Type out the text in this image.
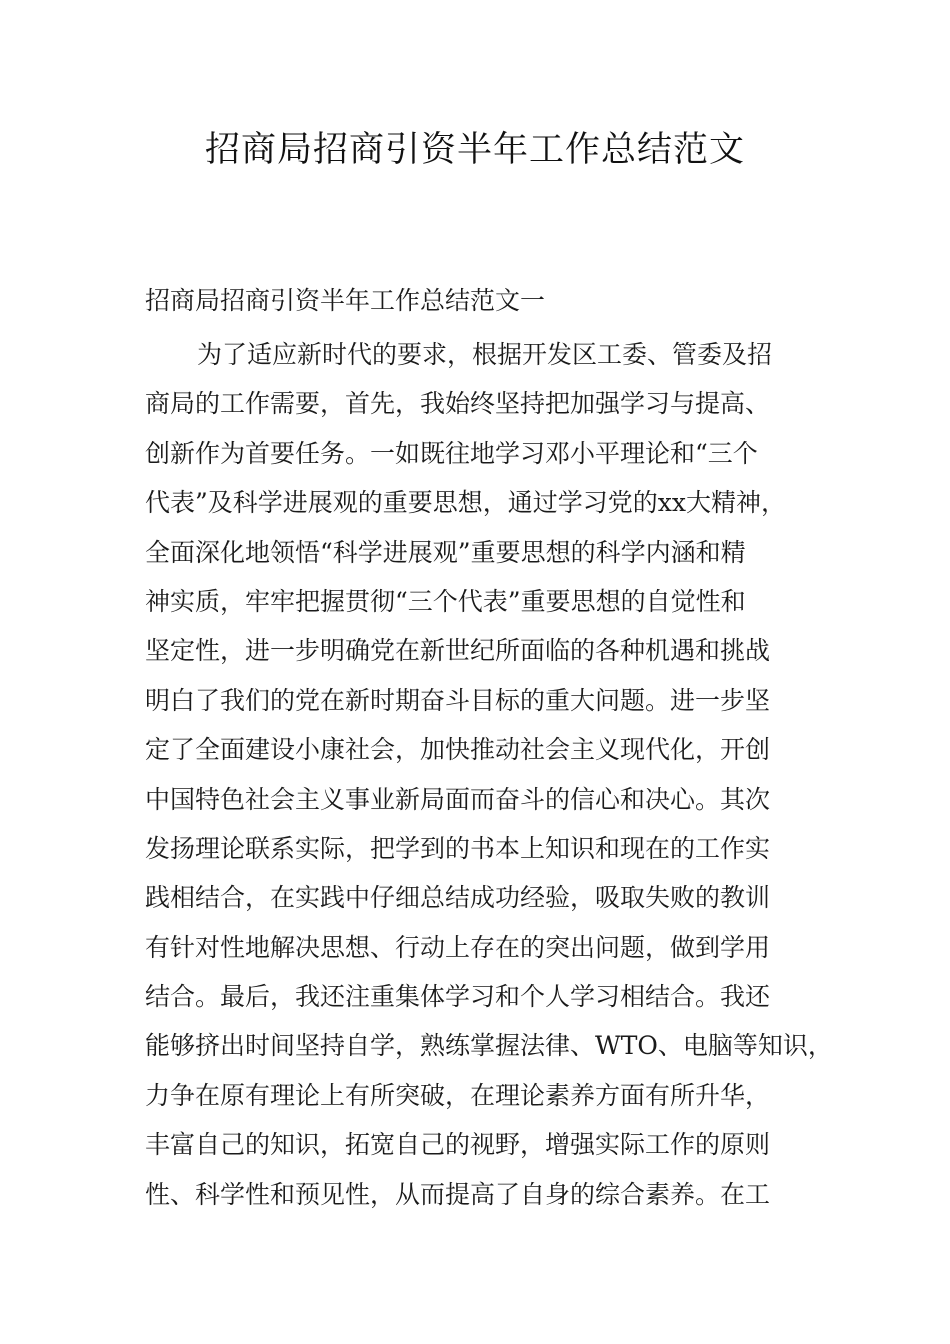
招商局招商引资半年工作总结范文
招商局招商引资半年工作总结范文一
为了适应新时代的要求，根据开发区工委、管委及招
商局的工作需要，首先，我始终坚持把加强学习与提高、
创新作为首要任务。一如既往地学习邓小平理论和“三个
代表”及科学进展观的重要思想，通过学习党的xx大精神，
全面深化地领悟“科学进展观”重要思想的科学内涵和精
神实质，牢牢把握贯彻“三个代表”重要思想的自觉性和
坚定性，进一步明确党在新世纪所面临的各种机遇和挑战
明白了我们的党在新时期奋斗目标的重大问题。进一步坚
定了全面建设小康社会，加快推动社会主义现代化，开创
中国特色社会主义事业新局面而奋斗的信心和决心。其次
发扬理论联系实际，把学到的书本上知识和现在的工作实
践相结合，在实践中仔细总结成功经验，吸取失败的教训
有针对性地解决思想、行动上存在的突出问题，做到学用
结合。最后，我还注重集体学习和个人学习相结合。我还
能够挤出时间坚持自学，熟练掌握法律、WTO、电脑等知识，
力争在原有理论上有所突破，在理论素养方面有所升华，
丰富自己的知识，拓宽自己的视野，增强实际工作的原则
性、科学性和预见性，从而提高了自身的综合素养。在工
